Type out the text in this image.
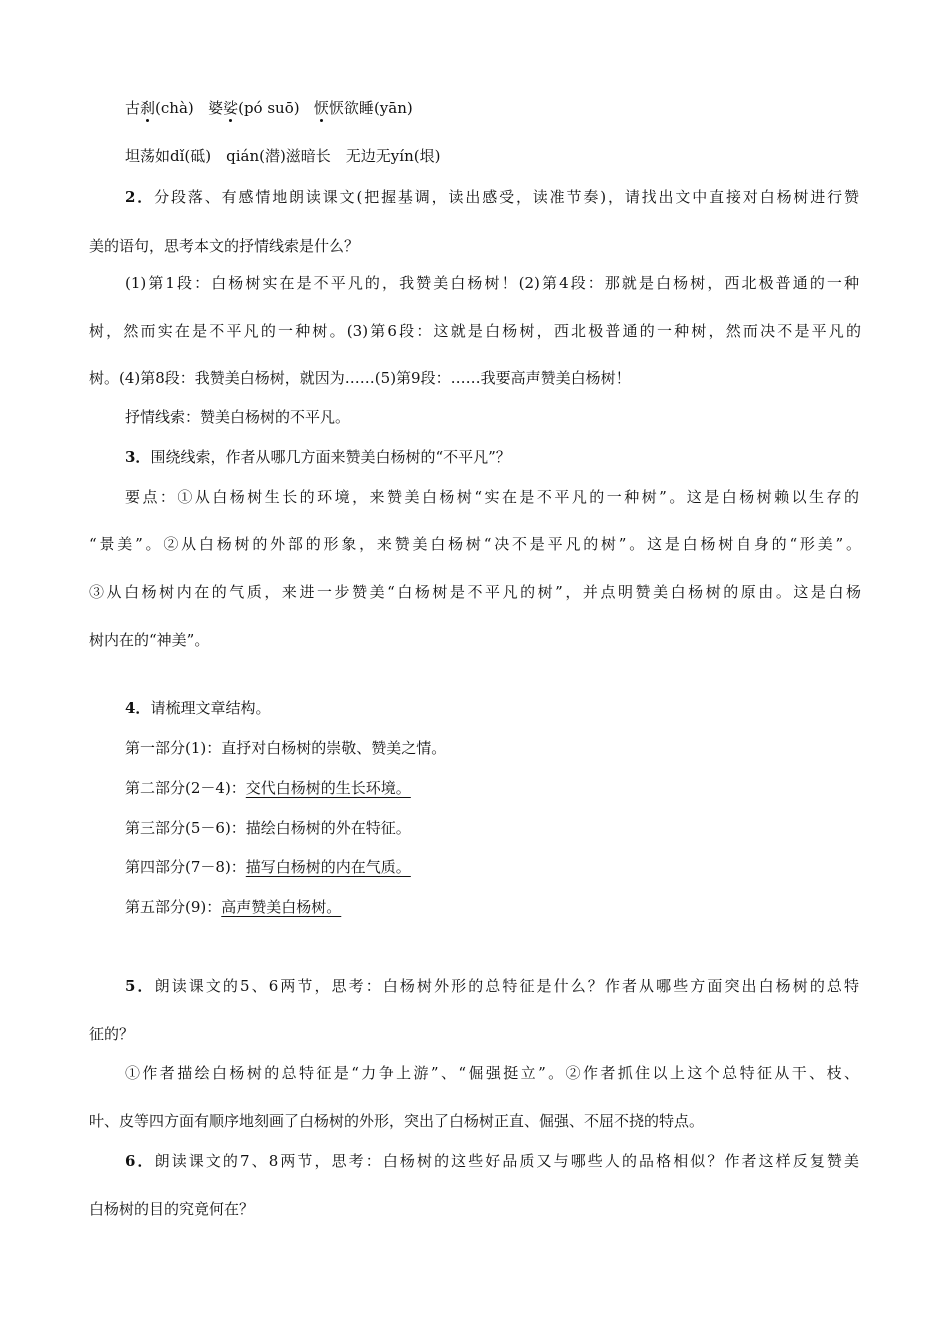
古刹(chà) 婆娑(pó suō) 恹恹欲睡(yān)
坦荡如dǐ(砥)　qián(潜)滋暗长　无边无yín(垠)
2．分段落、有感情地朗读课文(把握基调，读出感受，读准节奏)，请找出文中直接对白杨树进行赞
美的语句，思考本文的抒情线索是什么？
(1)第1段：白杨树实在是不平凡的，我赞美白杨树！(2)第4段：那就是白杨树，西北极普通的一种
树，然而实在是不平凡的一种树。(3)第6段：这就是白杨树，西北极普通的一种树，然而决不是平凡的
树。(4)第8段：我赞美白杨树，就因为……(5)第9段：……我要高声赞美白杨树！
抒情线索：赞美白杨树的不平凡。
3．围绕线索，作者从哪几方面来赞美白杨树的“不平凡”？
要点：①从白杨树生长的环境，来赞美白杨树“实在是不平凡的一种树”。这是白杨树赖以生存的
“景美”。②从白杨树的外部的形象，来赞美白杨树“决不是平凡的树”。这是白杨树自身的“形美”。
③从白杨树内在的气质，来进一步赞美“白杨树是不平凡的树”，并点明赞美白杨树的原由。这是白杨
树内在的“神美”。
4．请梳理文章结构。
第一部分(1)：直抒对白杨树的崇敬、赞美之情。
第二部分(2－4)：交代白杨树的生长环境。
第三部分(5－6)：描绘白杨树的外在特征。
第四部分(7－8)：描写白杨树的内在气质。
第五部分(9)：高声赞美白杨树。
5．朗读课文的5、6两节，思考：白杨树外形的总特征是什么？作者从哪些方面突出白杨树的总特
征的？
①作者描绘白杨树的总特征是“力争上游”、“倔强挺立”。②作者抓住以上这个总特征从干、枝、
叶、皮等四方面有顺序地刻画了白杨树的外形，突出了白杨树正直、倔强、不屈不挠的特点。
6．朗读课文的7、8两节，思考：白杨树的这些好品质又与哪些人的品格相似？作者这样反复赞美
白杨树的目的究竟何在？
